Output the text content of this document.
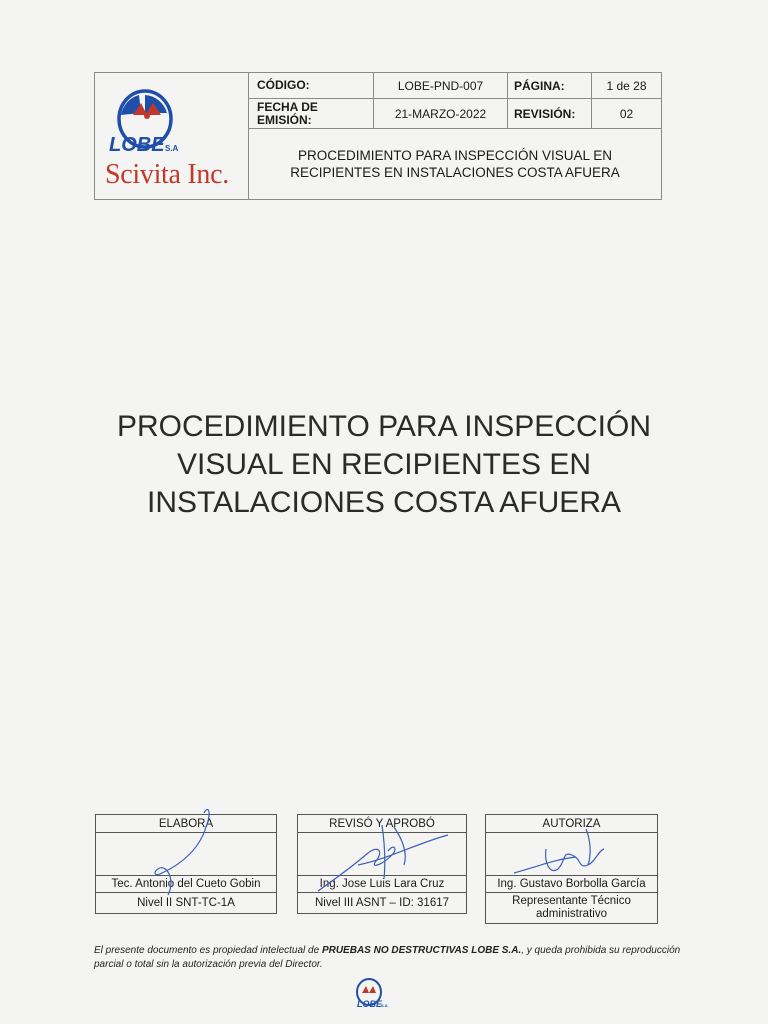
LOBE S.A
Scivita Inc.
CÓDIGO:	LOBE-PND-007	PÁGINA:	1 de 28
FECHA DE EMISIÓN:	21-MARZO-2022	REVISIÓN:	02
PROCEDIMIENTO PARA INSPECCIÓN VISUAL EN
RECIPIENTES EN INSTALACIONES COSTA AFUERA
PROCEDIMIENTO PARA INSPECCIÓN
VISUAL EN RECIPIENTES EN
INSTALACIONES COSTA AFUERA
ELABORA
Tec. Antonio del Cueto Gobin
Nivel II SNT-TC-1A
REVISÓ Y APROBÓ
Ing. Jose Luis Lara Cruz
Nivel III ASNT – ID: 31617
AUTORIZA
Ing. Gustavo Borbolla García
Representante Técnico administrativo
El presente documento es propiedad intelectual de PRUEBAS NO DESTRUCTIVAS LOBE S.A., y queda prohibida su reproducción parcial o total sin la autorización previa del Director.
LOBE
S.A
